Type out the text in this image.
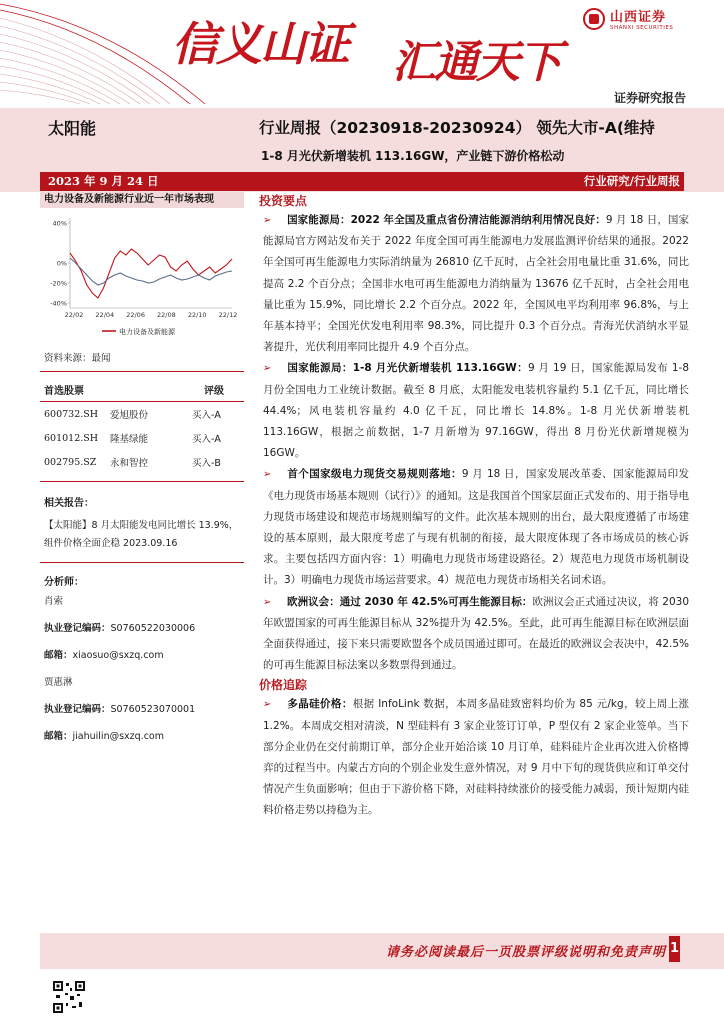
信义山证 汇通天下
山西证券
SHANXI SECURITIES
证券研究报告
太阳能	行业周报（20230918-20230924） 领先大市-A(维持
1-8 月光伏新增装机 113.16GW，产业链下游价格松动
2023 年 9 月 24 日	行业研究/行业周报
电力设备及新能源行业近一年市场表现
40%
0%
-20%
-40%
22/02 22/04 22/06 22/08 22/10 22/12
电力设备及新能源
资料来源：最闻
首选股票	评级
600732.SH	爱旭股份	买入-A
601012.SH	隆基绿能	买入-A
002795.SZ	永和智控	买入-B
相关报告：
【太阳能】8 月太阳能发电同比增长 13.9%，组件价格全面企稳 2023.09.16
分析师：
肖索
执业登记编码：S0760522030006
邮箱：xiaosuo@sxzq.com
贾惠淋
执业登记编码：S0760523070001
邮箱：jiahuilin@sxzq.com
投资要点

➢ 国家能源局：2022 年全国及重点省份清洁能源消纳利用情况良好：9 月 18 日，国家能源局官方网站发布关于 2022 年度全国可再生能源电力发展监测评价结果的通报。2022 年全国可再生能源电力实际消纳量为 26810 亿千瓦时，占全社会用电量比重 31.6%，同比提高 2.2 个百分点；全国非水电可再生能源电力消纳量为 13676 亿千瓦时，占全社会用电量比重为 15.9%，同比增长 2.2 个百分点。2022 年，全国风电平均利用率 96.8%，与上年基本持平；全国光伏发电利用率 98.3%，同比提升 0.3 个百分点。青海光伏消纳水平显著提升，光伏利用率同比提升 4.9 个百分点。

➢ 国家能源局：1-8 月光伏新增装机 113.16GW：9 月 19 日，国家能源局发布 1-8 月份全国电力工业统计数据。截至 8 月底，太阳能发电装机容量约 5.1 亿千瓦，同比增长 44.4%；风电装机容量约 4.0 亿千瓦，同比增长 14.8%。1-8 月光伏新增装机 113.16GW，根据之前数据，1-7 月新增为 97.16GW，得出 8 月份光伏新增规模为 16GW。

➢ 首个国家级电力现货交易规则落地：9 月 18 日，国家发展改革委、国家能源局印发《电力现货市场基本规则（试行）》的通知。这是我国首个国家层面正式发布的、用于指导电力现货市场建设和规范市场规则编写的文件。此次基本规则的出台，最大限度遵循了市场建设的基本原则，最大限度考虑了与现有机制的衔接，最大限度体现了各市场成员的核心诉求。主要包括四方面内容：1）明确电力现货市场建设路径。2）规范电力现货市场机制设计。3）明确电力现货市场运营要求。4）规范电力现货市场相关名词术语。

➢ 欧洲议会：通过 2030 年 42.5%可再生能源目标：欧洲议会正式通过决议，将 2030 年欧盟国家的可再生能源目标从 32%提升为 42.5%。至此，此可再生能源目标在欧洲层面全面获得通过，接下来只需要欧盟各个成员国通过即可。在最近的欧洲议会表决中，42.5%的可再生能源目标法案以多数票得到通过。

价格追踪

➢ 多晶硅价格：根据 InfoLink 数据，本周多晶硅致密料均价为 85 元/kg，较上周上涨 1.2%。本周成交相对清淡，N 型硅料有 3 家企业签订订单，P 型仅有 2 家企业签单。当下部分企业仍在交付前期订单，部分企业开始洽谈 10 月订单，硅料硅片企业再次进入价格博弈的过程当中。内蒙古方向的个别企业发生意外情况，对 9 月中下旬的现货供应和订单交付情况产生负面影响；但由于下游价格下降，对硅料持续涨价的接受能力减弱，预计短期内硅料价格走势以持稳为主。

请务必阅读最后一页股票评级说明和免责声明 1
